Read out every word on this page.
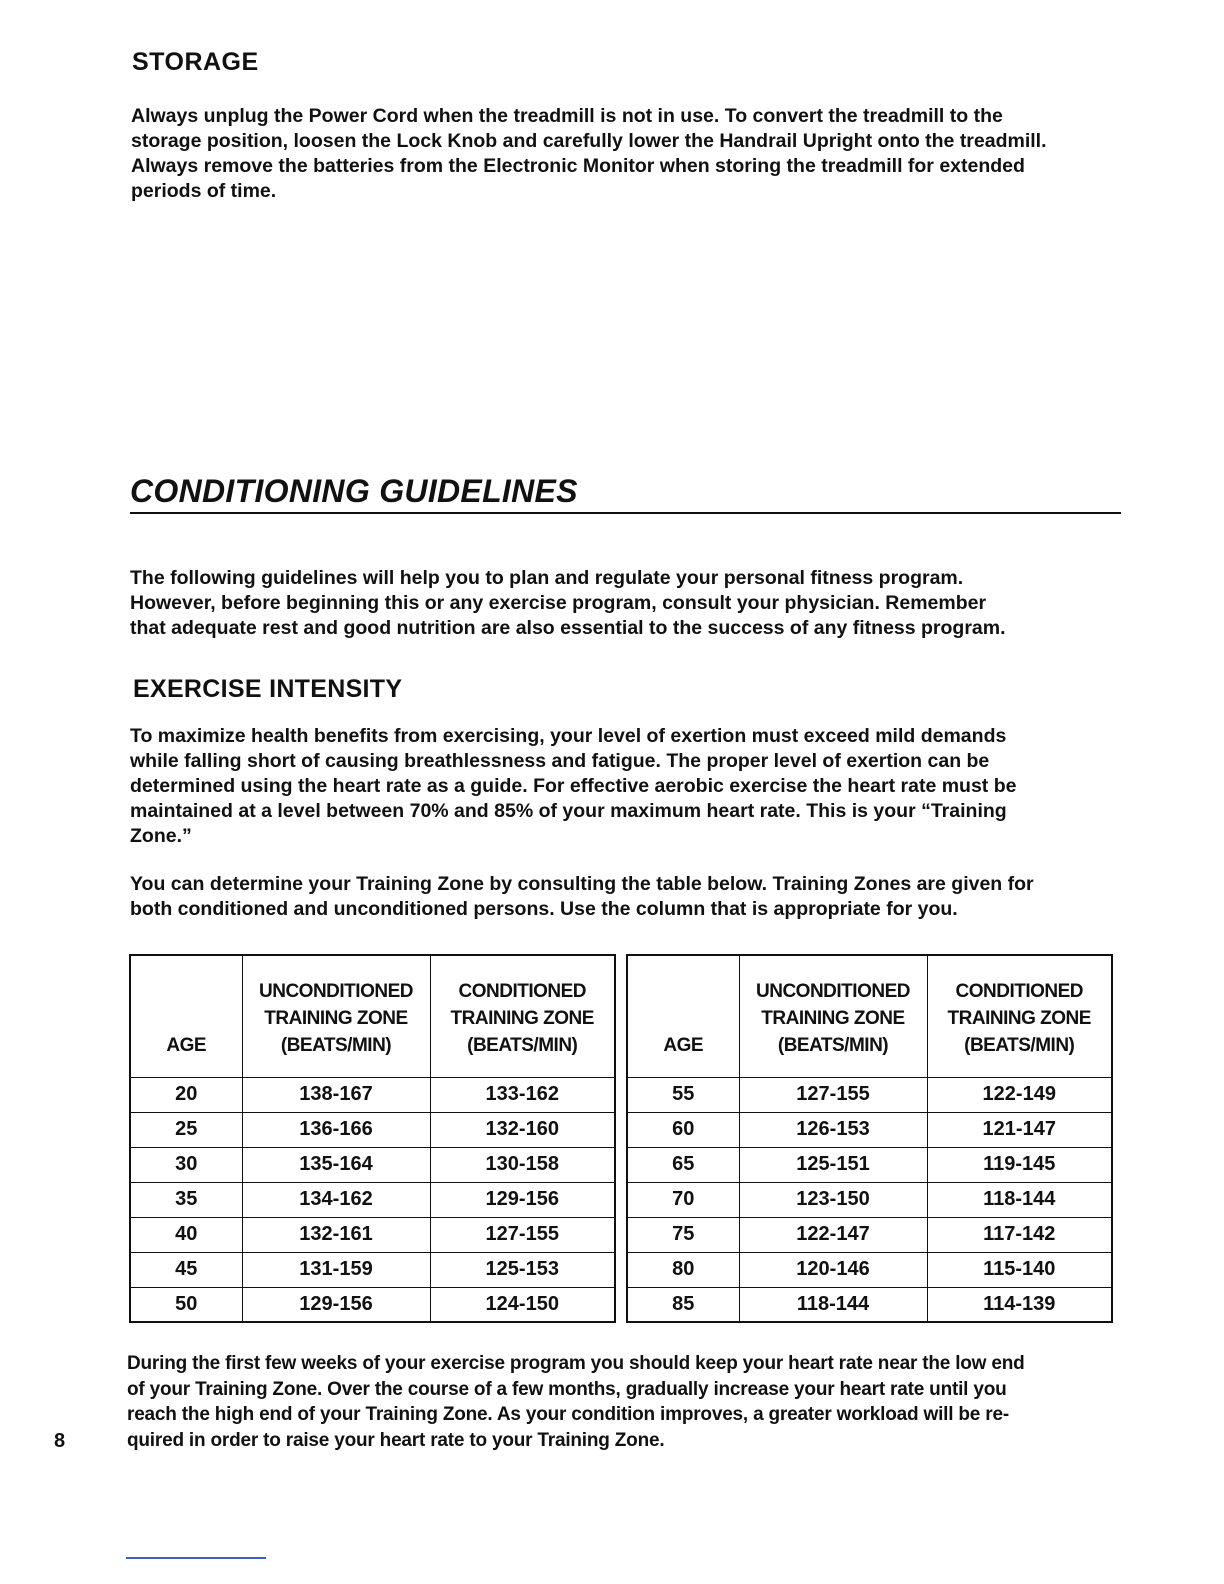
STORAGE
Always unplug the Power Cord when the treadmill is not in use. To convert the treadmill to the
storage position, loosen the Lock Knob and carefully lower the Handrail Upright onto the treadmill.
Always remove the batteries from the Electronic Monitor when storing the treadmill for extended
periods of time.
CONDITIONING GUIDELINES
The following guidelines will help you to plan and regulate your personal fitness program.
However, before beginning this or any exercise program, consult your physician. Remember
that adequate rest and good nutrition are also essential to the success of any fitness program.
EXERCISE INTENSITY
To maximize health benefits from exercising, your level of exertion must exceed mild demands
while falling short of causing breathlessness and fatigue. The proper level of exertion can be
determined using the heart rate as a guide. For effective aerobic exercise the heart rate must be
maintained at a level between 70% and 85% of your maximum heart rate. This is your “Training
Zone.”
You can determine your Training Zone by consulting the table below. Training Zones are given for
both conditioned and unconditioned persons. Use the column that is appropriate for you.
AGE	UNCONDITIONED
TRAINING ZONE
(BEATS/MIN)	CONDITIONED
TRAINING ZONE
(BEATS/MIN)

20	138-167	133-162
25	136-166	132-160
30	135-164	130-158
35	134-162	129-156
40	132-161	127-155
45	131-159	125-153
50	129-156	124-150
AGE	UNCONDITIONED
TRAINING ZONE
(BEATS/MIN)	CONDITIONED
TRAINING ZONE
(BEATS/MIN)

55	127-155	122-149
60	126-153	121-147
65	125-151	119-145
70	123-150	118-144
75	122-147	117-142
80	120-146	115-140
85	118-144	114-139
During the first few weeks of your exercise program you should keep your heart rate near the low end
of your Training Zone. Over the course of a few months, gradually increase your heart rate until you
reach the high end of your Training Zone. As your condition improves, a greater workload will be re-
quired in order to raise your heart rate to your Training Zone.
8
